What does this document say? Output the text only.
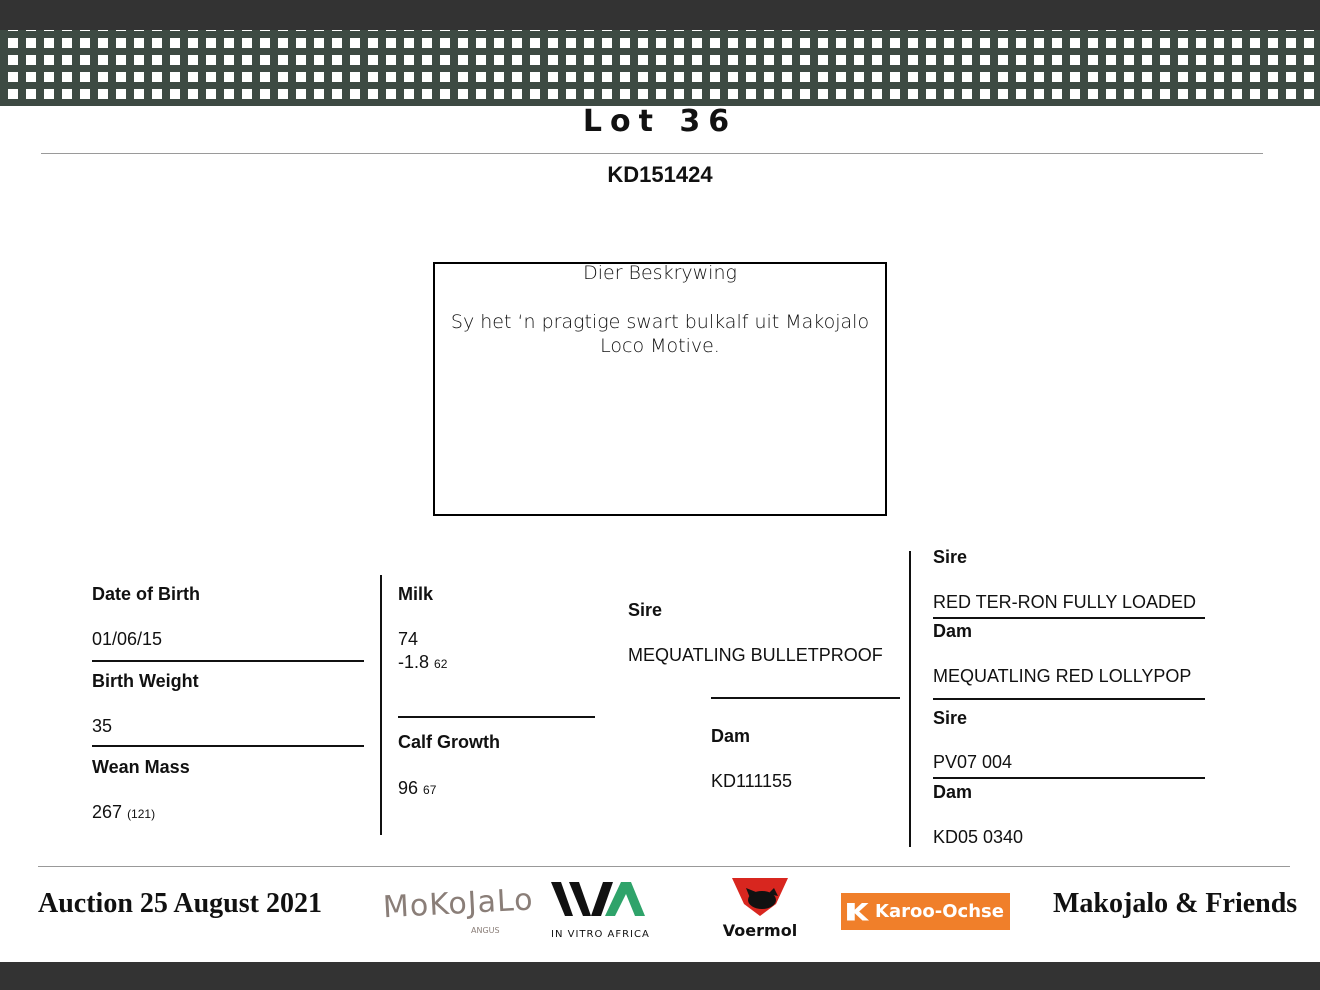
Lot 36
KD151424
Dier Beskrywing
Sy het ‘n pragtige swart bulkalf uit Makojalo Loco Motive.
Date of Birth
01/06/15
Birth Weight
35
Wean Mass
267 (121)
Milk
74
-1.8 62
Calf Growth
96 67
Sire
MEQUATLING BULLETPROOF
Dam
KD111155
Sire
RED TER-RON FULLY LOADED
Dam
MEQUATLING RED LOLLYPOP
Sire
PV07 004
Dam
KD05 0340
Auction 25 August 2021 MoKoJaLo
ANGUS	IN VITRO AFRICA	Voermol
Karoo-Ochse Makojalo & Friends
